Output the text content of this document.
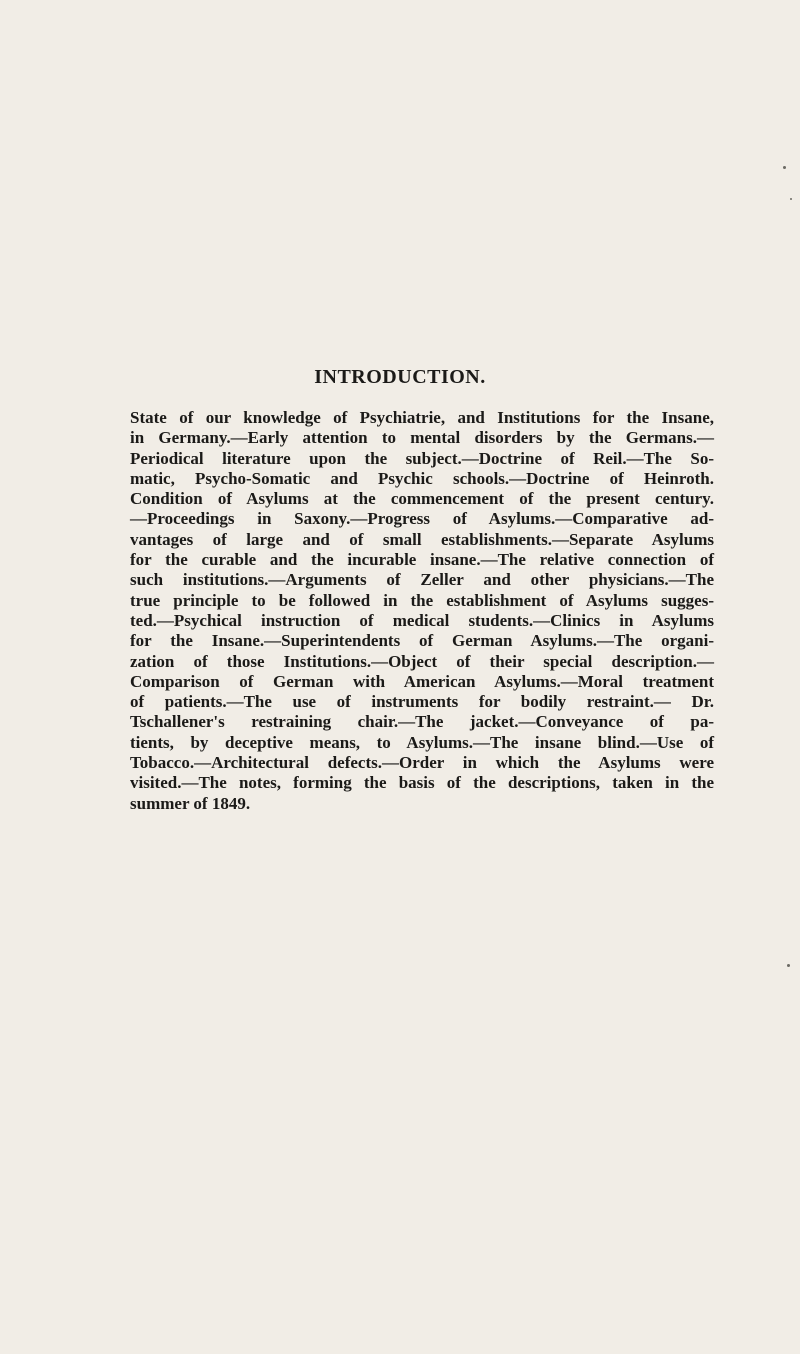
INTRODUCTION.
State of our knowledge of Psychiatrie, and Institutions for the Insane,
in Germany.—Early attention to mental disorders by the Germans.—
Periodical literature upon the subject.—Doctrine of Reil.—The So-
matic, Psycho-Somatic and Psychic schools.—Doctrine of Heinroth.
Condition of Asylums at the commencement of the present century.
—Proceedings in Saxony.—Progress of Asylums.—Comparative ad-
vantages of large and of small establishments.—Separate Asylums
for the curable and the incurable insane.—The relative connection of
such institutions.—Arguments of Zeller and other physicians.—The
true principle to be followed in the establishment of Asylums sugges-
ted.—Psychical instruction of medical students.—Clinics in Asylums
for the Insane.—Superintendents of German Asylums.—The organi-
zation of those Institutions.—Object of their special description.—
Comparison of German with American Asylums.—Moral treatment
of patients.—The use of instruments for bodily restraint.— Dr.
Tschallener's restraining chair.—The jacket.—Conveyance of pa-
tients, by deceptive means, to Asylums.—The insane blind.—Use of
Tobacco.—Architectural defects.—Order in which the Asylums were
visited.—The notes, forming the basis of the descriptions, taken in the
summer of 1849.
